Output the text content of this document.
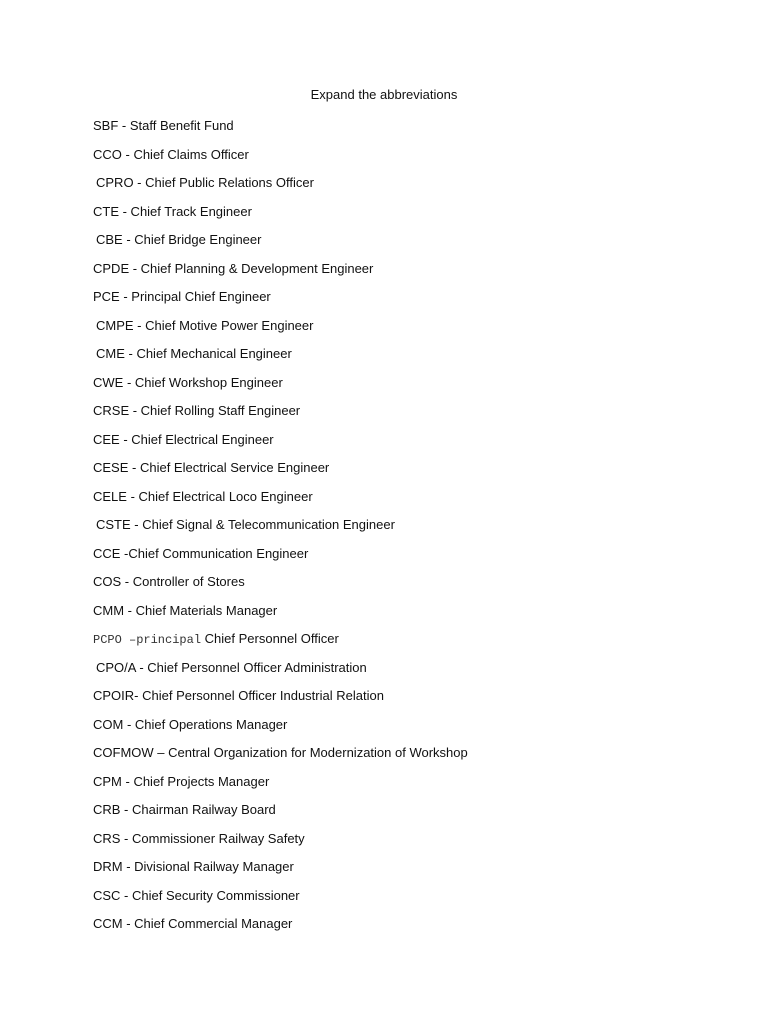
Expand the abbreviations
SBF - Staff Benefit Fund
CCO - Chief Claims Officer
CPRO - Chief Public Relations Officer
CTE - Chief Track Engineer
CBE - Chief Bridge Engineer
CPDE - Chief Planning & Development Engineer
PCE - Principal Chief Engineer
CMPE - Chief Motive Power Engineer
CME - Chief Mechanical Engineer
CWE - Chief Workshop Engineer
CRSE - Chief Rolling Staff Engineer
CEE - Chief Electrical Engineer
CESE - Chief Electrical Service Engineer
CELE - Chief Electrical Loco Engineer
CSTE - Chief Signal & Telecommunication Engineer
CCE -Chief Communication Engineer
COS - Controller of Stores
CMM - Chief Materials Manager
PCPO –principal Chief Personnel Officer
CPO/A - Chief Personnel Officer Administration
CPOIR- Chief Personnel Officer Industrial Relation
COM - Chief Operations Manager
COFMOW – Central Organization for Modernization of Workshop
CPM - Chief Projects Manager
CRB - Chairman Railway Board
CRS - Commissioner Railway Safety
DRM - Divisional Railway Manager
CSC - Chief Security Commissioner
CCM - Chief Commercial Manager
